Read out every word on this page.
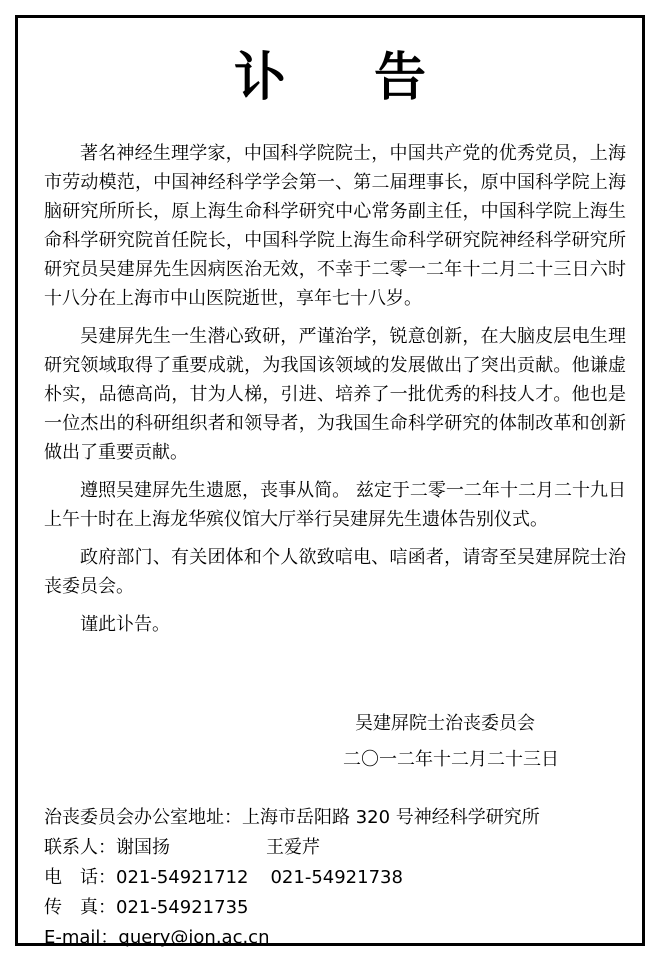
讣 告

著名神经生理学家，中国科学院院士，中国共产党的优秀党员，上海市劳动模范，中国神经科学学会第一、第二届理事长，原中国科学院上海脑研究所所长，原上海生命科学研究中心常务副主任，中国科学院上海生命科学研究院首任院长，中国科学院上海生命科学研究院神经科学研究所研究员吴建屏先生因病医治无效，不幸于二零一二年十二月二十三日六时十八分在上海市中山医院逝世，享年七十八岁。

吴建屏先生一生潜心致研，严谨治学，锐意创新，在大脑皮层电生理研究领域取得了重要成就，为我国该领域的发展做出了突出贡献。他谦虚朴实，品德高尚，甘为人梯，引进、培养了一批优秀的科技人才。他也是一位杰出的科研组织者和领导者，为我国生命科学研究的体制改革和创新做出了重要贡献。

遵照吴建屏先生遗愿，丧事从简。 兹定于二零一二年十二月二十九日上午十时在上海龙华殡仪馆大厅举行吴建屏先生遗体告别仪式。

政府部门、有关团体和个人欲致唁电、唁函者，请寄至吴建屏院士治丧委员会。

谨此讣告。

吴建屏院士治丧委员会
二〇一二年十二月二十三日
治丧委员会办公室地址：上海市岳阳路 320 号神经科学研究所
联系人：谢国扬	王爱芹
电　话：021-54921712 021-54921738
传　真：021-54921735
E-mail：query@ion.ac.cn
